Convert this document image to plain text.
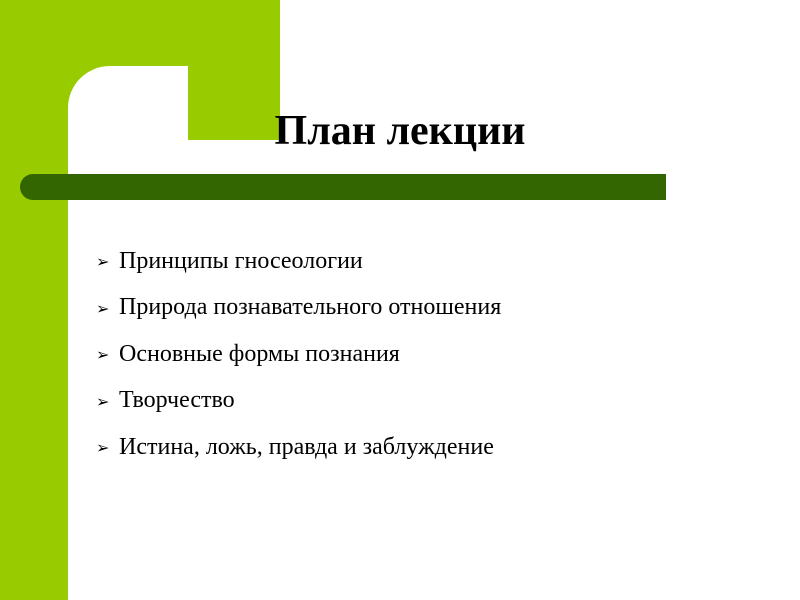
План лекции
➢ Принципы гносеологии
➢ Природа познавательного отношения
➢ Основные формы познания
➢ Творчество
➢ Истина, ложь, правда и заблуждение
